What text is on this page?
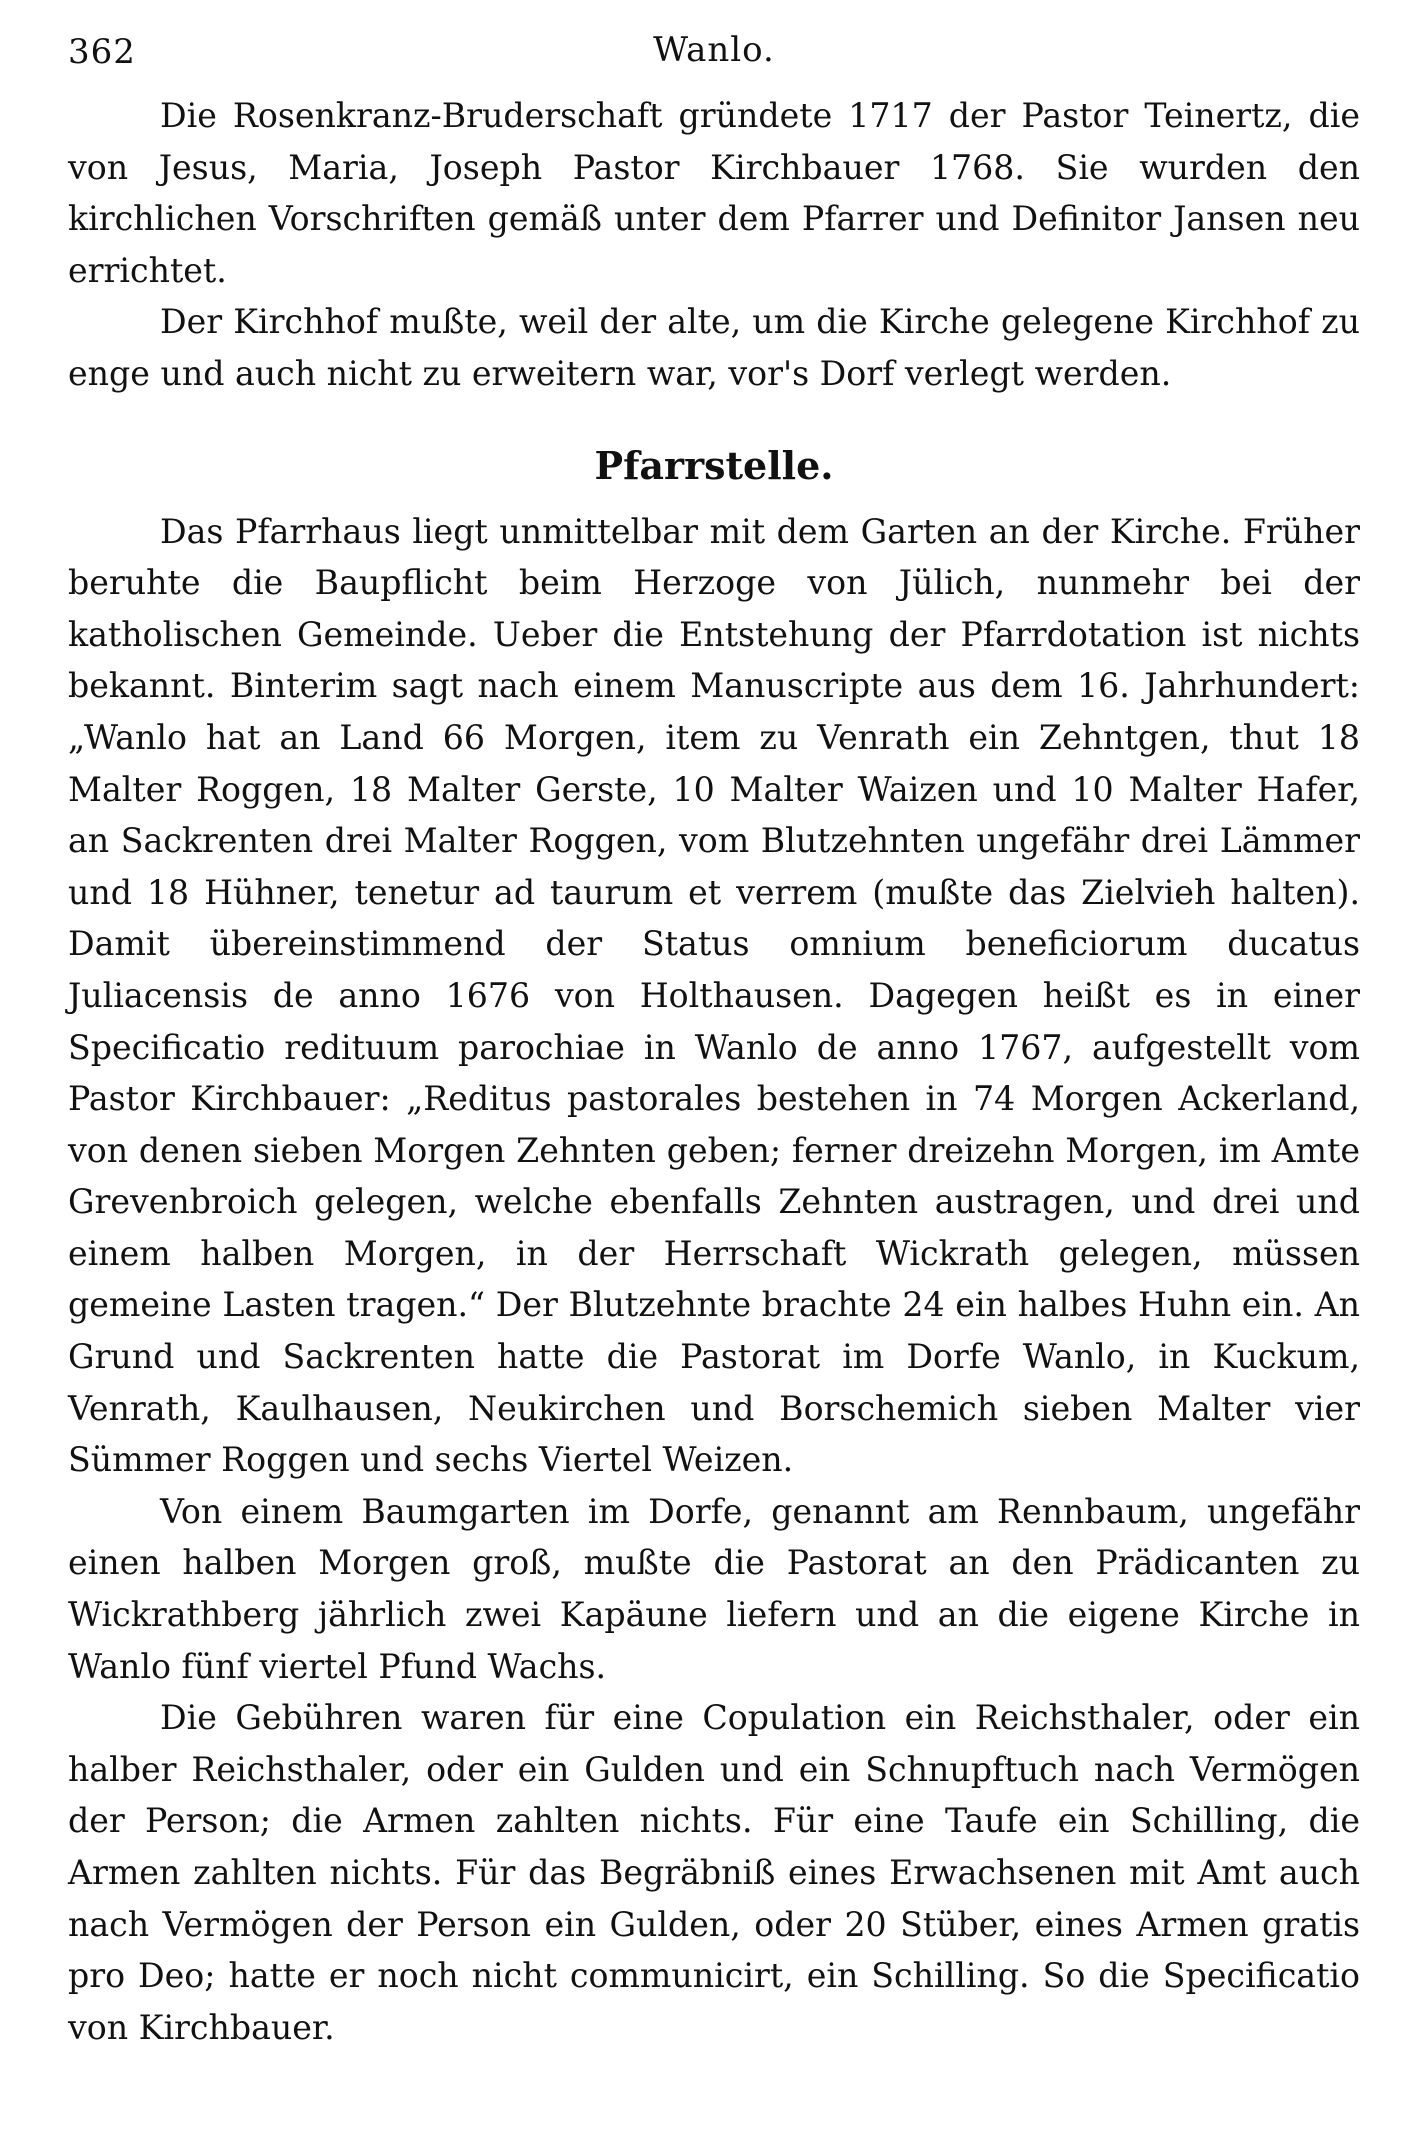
362	Wanlo.

Die Rosenkranz-Bruderschaft gründete 1717 der Pastor Teinertz, die von Jesus, Maria, Joseph Pastor Kirchbauer 1768. Sie wurden den kirchlichen Vorschriften gemäß unter dem Pfarrer und Definitor Jansen neu errichtet.

Der Kirchhof mußte, weil der alte, um die Kirche gelegene Kirchhof zu enge und auch nicht zu erweitern war, vor's Dorf verlegt werden.

Pfarrstelle.

Das Pfarrhaus liegt unmittelbar mit dem Garten an der Kirche. Früher beruhte die Baupflicht beim Herzoge von Jülich, nunmehr bei der katholischen Gemeinde. Ueber die Entstehung der Pfarrdotation ist nichts bekannt. Binterim sagt nach einem Manuscripte aus dem 16. Jahrhundert: „Wanlo hat an Land 66 Morgen, item zu Venrath ein Zehntgen, thut 18 Malter Roggen, 18 Malter Gerste, 10 Malter Waizen und 10 Malter Hafer, an Sackrenten drei Malter Roggen, vom Blutzehnten ungefähr drei Lämmer und 18 Hühner, tenetur ad taurum et verrem (mußte das Zielvieh halten). Damit übereinstimmend der Status omnium beneficiorum ducatus Juliacensis de anno 1676 von Holthausen. Dagegen heißt es in einer Specificatio redituum parochiae in Wanlo de anno 1767, aufgestellt vom Pastor Kirchbauer: „Reditus pastorales bestehen in 74 Morgen Ackerland, von denen sieben Morgen Zehnten geben; ferner dreizehn Morgen, im Amte Grevenbroich gelegen, welche ebenfalls Zehnten austragen, und drei und einem halben Morgen, in der Herrschaft Wickrath gelegen, müssen gemeine Lasten tragen.“ Der Blutzehnte brachte 24 ein halbes Huhn ein. An Grund und Sackrenten hatte die Pastorat im Dorfe Wanlo, in Kuckum, Venrath, Kaulhausen, Neukirchen und Borschemich sieben Malter vier Sümmer Roggen und sechs Viertel Weizen.

Von einem Baumgarten im Dorfe, genannt am Rennbaum, ungefähr einen halben Morgen groß, mußte die Pastorat an den Prädicanten zu Wickrathberg jährlich zwei Kapäune liefern und an die eigene Kirche in Wanlo fünf viertel Pfund Wachs.

Die Gebühren waren für eine Copulation ein Reichsthaler, oder ein halber Reichsthaler, oder ein Gulden und ein Schnupftuch nach Vermögen der Person; die Armen zahlten nichts. Für eine Taufe ein Schilling, die Armen zahlten nichts. Für das Begräbniß eines Erwachsenen mit Amt auch nach Vermögen der Person ein Gulden, oder 20 Stüber, eines Armen gratis pro Deo; hatte er noch nicht communicirt, ein Schilling. So die Specificatio von Kirchbauer.
